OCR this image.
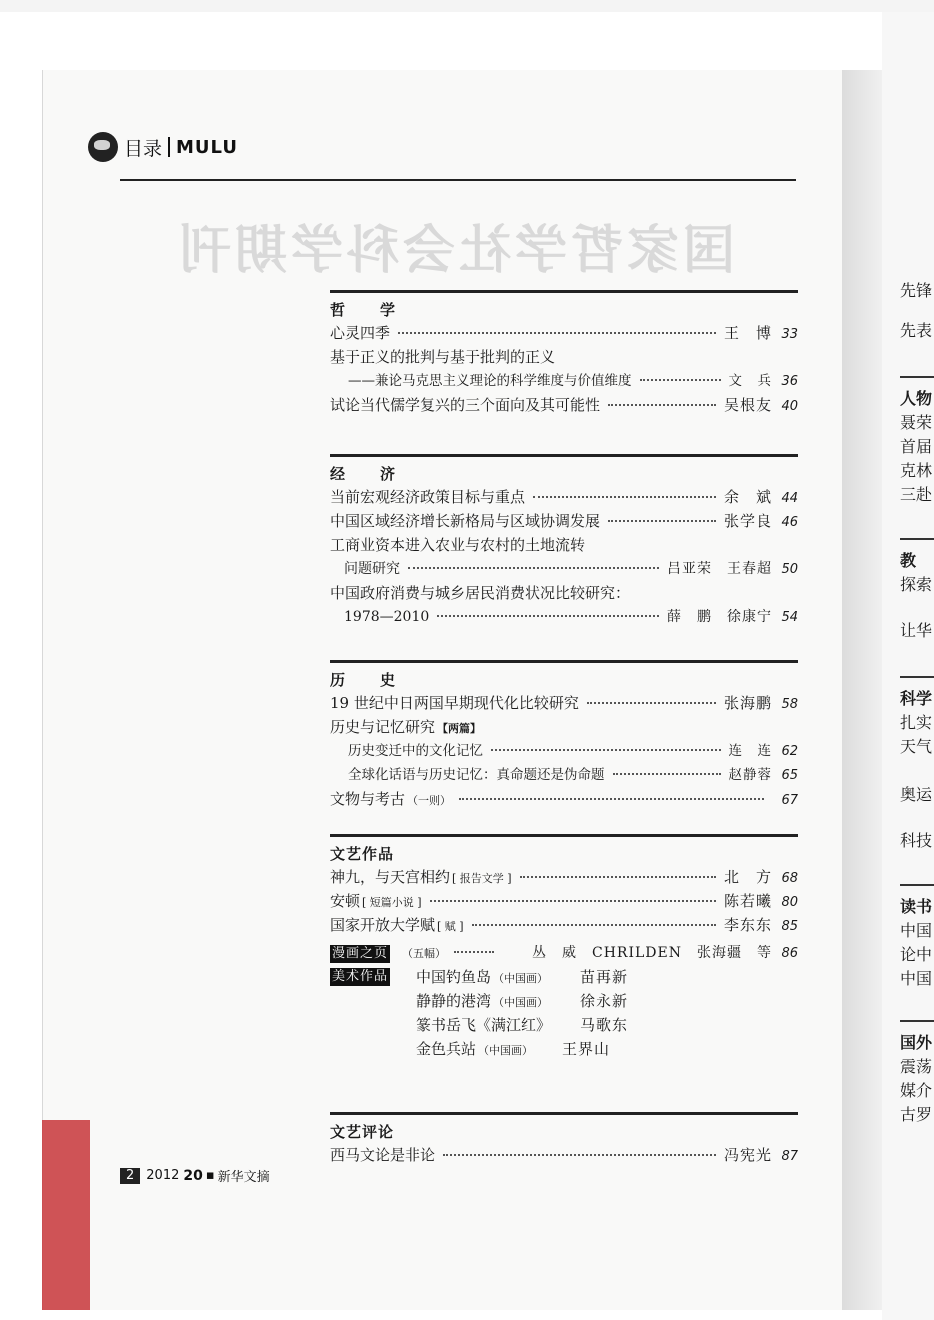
国家哲学社会科学期刊
目录 MULU
哲　学
心灵四季	王　博 33
基于正义的批判与基于批判的正义
——兼论马克思主义理论的科学维度与价值维度	文　兵 36
试论当代儒学复兴的三个面向及其可能性	吴根友 40
经　济
当前宏观经济政策目标与重点	余　斌 44
中国区域经济增长新格局与区域协调发展	张学良 46
工商业资本进入农业与农村的土地流转
问题研究	吕亚荣　王春超 50
中国政府消费与城乡居民消费状况比较研究：
1978—2010	薛　鹏　徐康宁 54
历　史
19 世纪中日两国早期现代化比较研究	张海鹏 58
历史与记忆研究 【两篇】
历史变迁中的文化记忆	连　连 62
全球化话语与历史记忆：真命题还是伪命题	赵静蓉 65
文物与考古 （一则）	67
文艺作品
神九，与天宫相约 [ 报告文学 ]	北　方 68
安顿 [ 短篇小说 ]	陈若曦 80
国家开放大学赋 [ 赋 ]	李东东 85
漫画之页 （五幅）	丛　威　CHRILDEN　张海疆　等 86
美术作品 中国钓鱼岛 （中国画） 苗再新
静静的港湾 （中国画） 徐永新
篆书岳飞《满江红》 马歌东
金色兵站 （中国画） 王界山
文艺评论
西马文论是非论	冯宪光 87
2 2012 20 ▪ 新华文摘
先锋
先表
人物
聂荣
首届
克林
三赴
教
探索
让华
科学
扎实
天气
奥运
科技
读书
中国
论中
中国
国外
震荡
媒介
古罗
